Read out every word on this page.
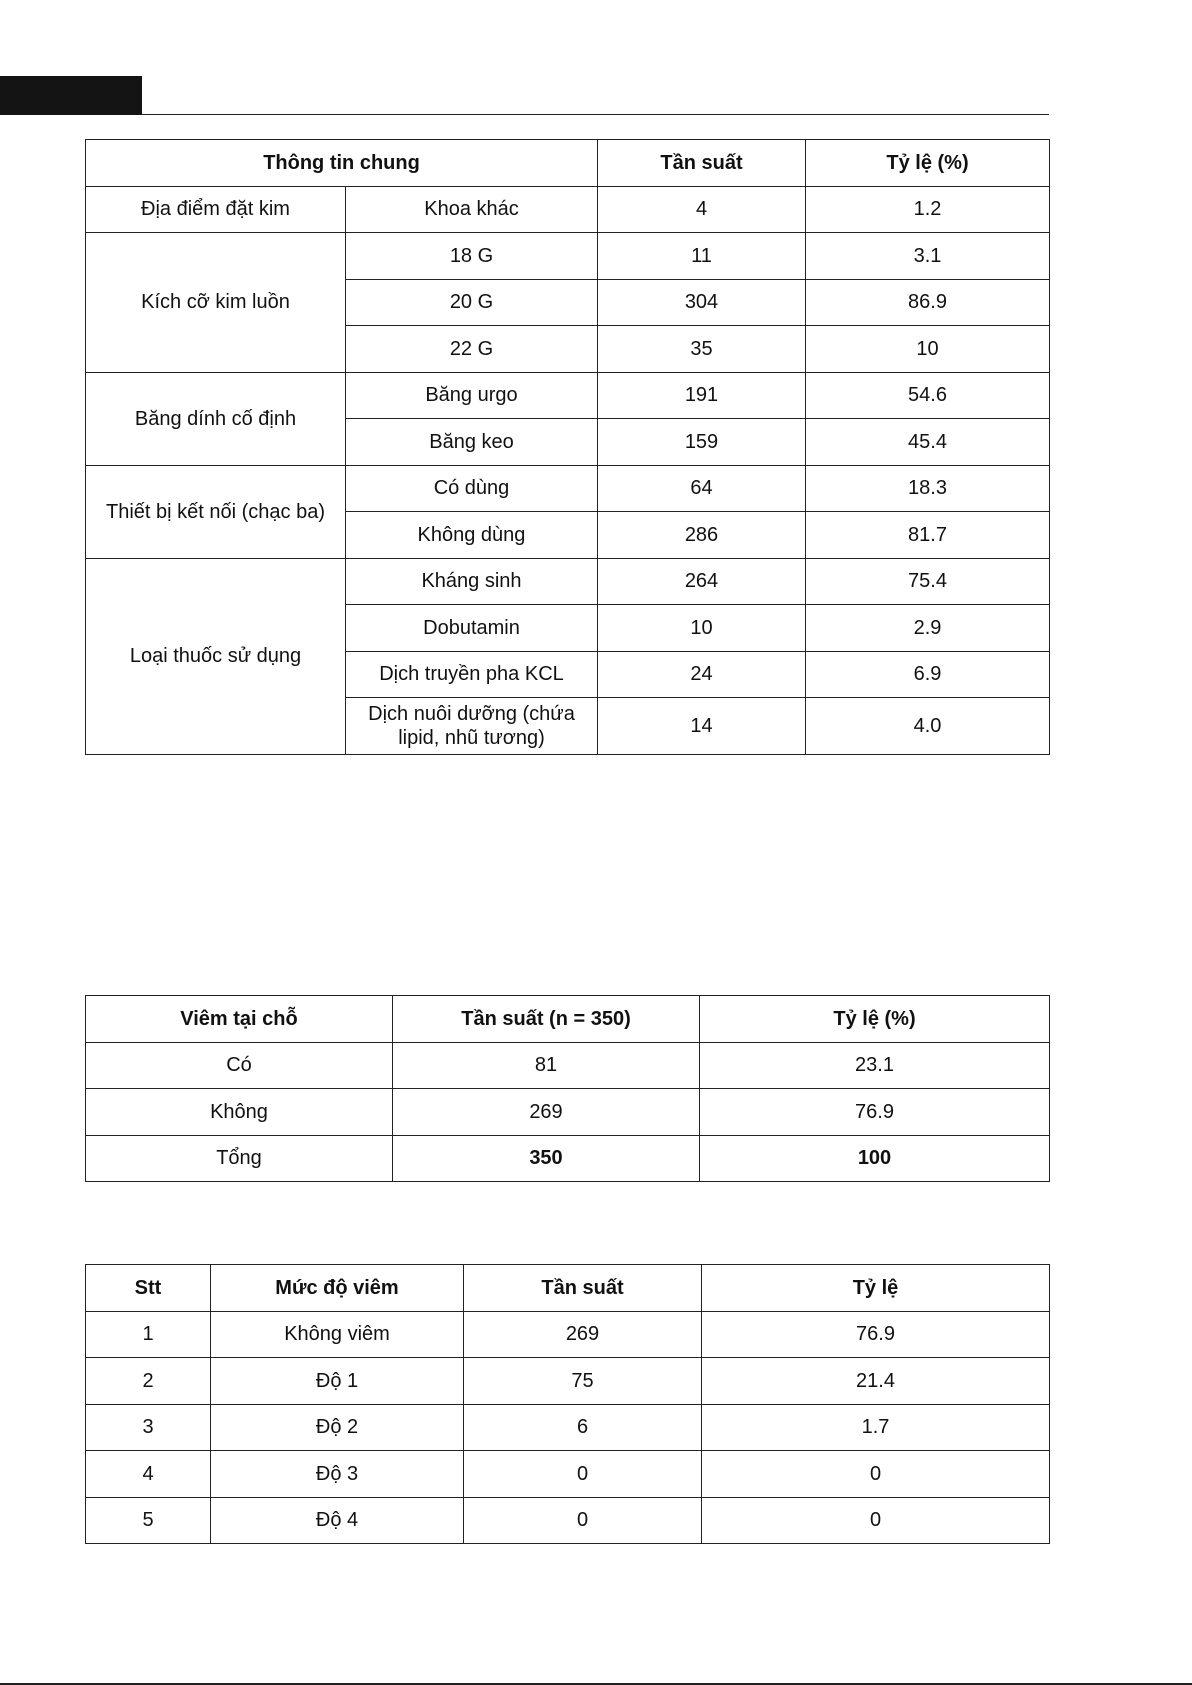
Thông tin chung		Tần suất	Tỷ lệ (%)
Địa điểm đặt kim	Khoa khác	4	1.2
Kích cỡ kim luồn	18 G	11	3.1
	20 G	304	86.9
	22 G	35	10
Băng dính cố định	Băng urgo	191	54.6
	Băng keo	159	45.4
Thiết bị kết nối (chạc ba)	Có dùng	64	18.3
	Không dùng	286	81.7
Loại thuốc sử dụng	Kháng sinh	264	75.4
	Dobutamin	10	2.9
	Dịch truyền pha KCL	24	6.9
	Dịch nuôi dưỡng (chứa lipid, nhũ tương)	14	4.0
Viêm tại chỗ	Tần suất (n = 350)	Tỷ lệ (%)
Có	81	23.1
Không	269	76.9
Tổng	350	100
Stt	Mức độ viêm	Tần suất	Tỷ lệ
1	Không viêm	269	76.9
2	Độ 1	75	21.4
3	Độ 2	6	1.7
4	Độ 3	0	0
5	Độ 4	0	0
